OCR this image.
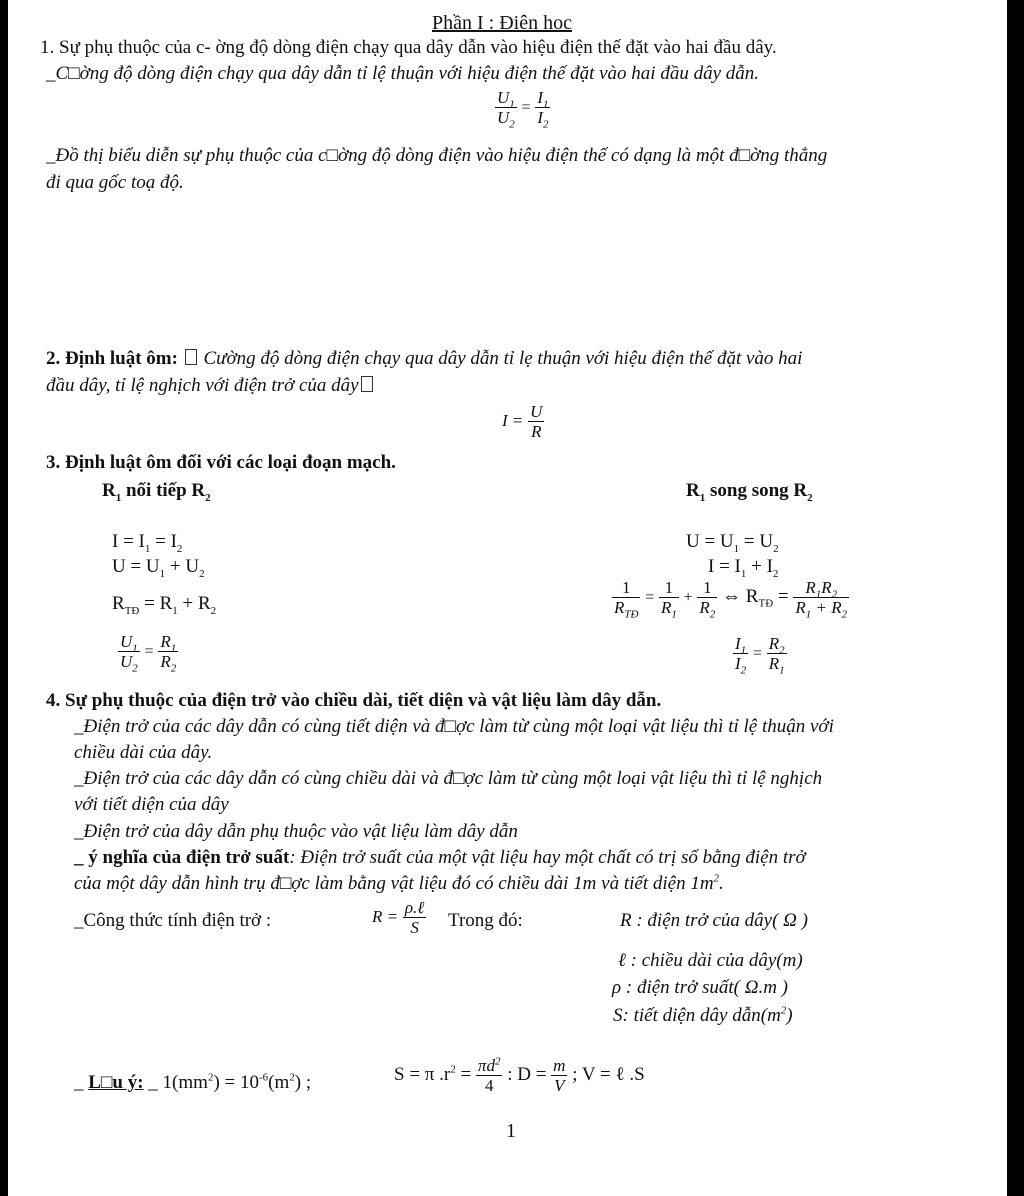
Phần I : Điên hoc
1. Sự phụ thuộc của c- ờng độ dòng điện chạy qua dây dẫn vào hiệu điện thế đặt vào hai đầu dây.
_C□ờng độ dòng điện chạy qua dây dẫn tỉ lệ thuận với hiệu điện thế đặt vào hai đầu dây dẫn.
$\frac{U_1}{U_2} = \frac{I_1}{I_2}$
_Đồ thị biểu diễn sự phụ thuộc của c□ờng độ dòng điện vào hiệu điện thế có dạng là một đ□ờng thẳng
đi qua gốc toạ độ.
2. Định luật ôm: Cường độ dòng điện chạy qua dây dẫn tỉ lẹ thuận với hiệu điện thế đặt vào hai
đầu dây, tỉ lệ nghịch với điện trở của dây
$I = \frac{U}{R}$
3. Định luật ôm đối với các loại đoạn mạch.
$R_1$ nối tiếp $R_2$	$R_1$ song song $R_2$
$I = I_1 = I_2$
$U = U_1 + U_2$
$R_{TĐ} = R_1 + R_2$
$\frac{U_1}{U_2} = \frac{R_1}{R_2}$
$U = U_1 = U_2$
$I = I_1 + I_2$
$\frac{1}{R_{TĐ}} = \frac{1}{R_1} + \frac{1}{R_2}$ ⇔ $R_{TĐ} = \frac{R_1R_2}{R_1 + R_2}$
$\frac{I_1}{I_2} = \frac{R_2}{R_1}$
4. Sự phụ thuộc của điện trở vào chiều dài, tiết diện và vật liệu làm dây dẫn.
_Điện trở của các dây dẫn có cùng tiết diện và đ□ợc làm từ cùng một loại vật liệu thì tỉ lệ thuận với
chiều dài của dây.
_Điện trở của các dây dẫn có cùng chiều dài và đ□ợc làm từ cùng một loại vật liệu thì tỉ lệ nghịch
với tiết diện của dây
_Điện trở của dây dẫn phụ thuộc vào vật liệu làm dây dẫn
_ ý nghĩa của điện trở suất: Điện trở suất của một vật liệu hay một chất có trị số bằng điện trở
của một dây dẫn hình trụ đ□ợc làm bằng vật liệu đó có chiều dài 1m và tiết diện $1m^2$.
_Công thức tính điện trở :	$R = \frac{\text{ρ.ℓ}}{S}$ Trong đó:	R : điện trở của dây( Ω )
ℓ : chiều dài của dây(m)
ρ : điện trở suất( Ω.m )
S: tiết diện dây $dẫn(m^2)$
_ L□u ý: _ $1(mm^2) = 10^{-6}(m^2)$ ;	S = π $.r^2 = \frac{\pi d^2}{4}$ : $D = \frac{m}{V}$ ; V = ℓ .S
1
